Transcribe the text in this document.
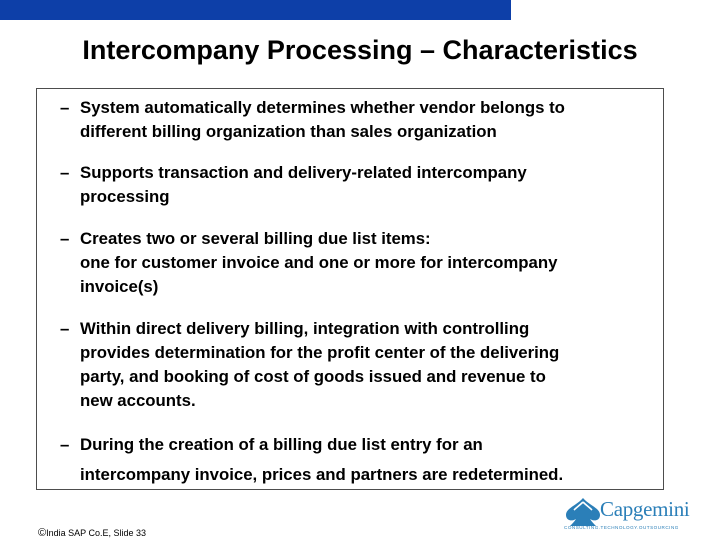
Intercompany Processing – Characteristics
– System automatically determines whether vendor belongs to
different billing organization than sales organization
– Supports transaction and delivery-related intercompany
processing
– Creates two or several billing due list items:
one for customer invoice and one or more for intercompany
invoice(s)
– Within direct delivery billing, integration with controlling
provides determination for the profit center of the delivering
party, and booking of cost of goods issued and revenue to
new accounts.
– During the creation of a billing due list entry for an
intercompany invoice, prices and partners are redetermined.
©India SAP Co.E, Slide 33
Capgemini
CONSULTING.TECHNOLOGY.OUTSOURCING
